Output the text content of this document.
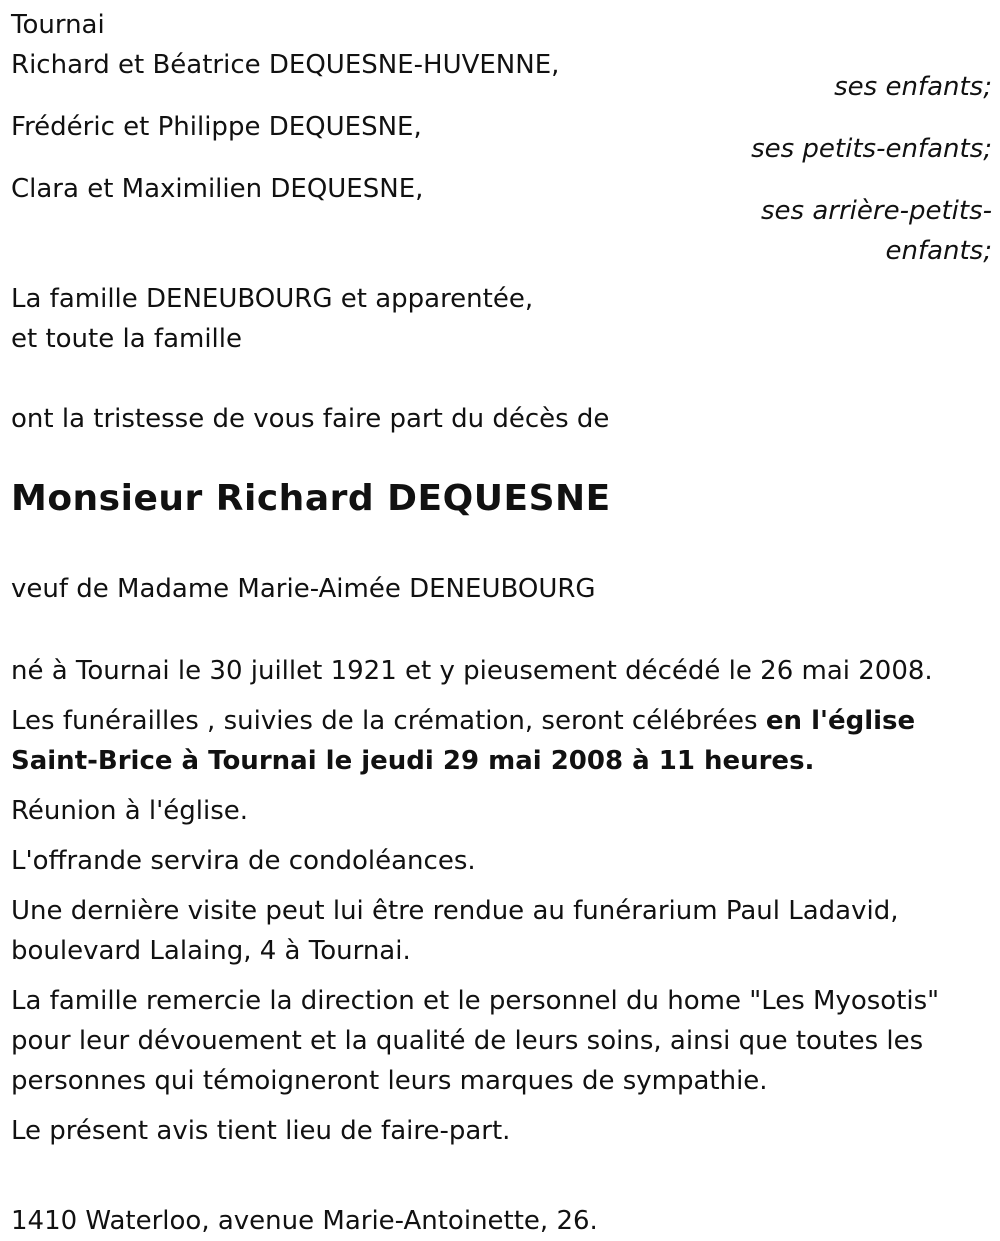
Tournai
Richard et Béatrice DEQUESNE-HUVENNE,
ses enfants;
Frédéric et Philippe DEQUESNE,
ses petits-enfants;
Clara et Maximilien DEQUESNE,
ses arrière-petits-
enfants;
La famille DENEUBOURG et apparentée,
et toute la famille
ont la tristesse de vous faire part du décès de
Monsieur Richard DEQUESNE
veuf de Madame Marie-Aimée DENEUBOURG

né à Tournai le 30 juillet 1921 et y pieusement décédé le 26 mai 2008.

Les funérailles , suivies de la crémation, seront célébrées en l'église Saint-Brice à Tournai le jeudi 29 mai 2008 à 11 heures.

Réunion à l'église.

L'offrande servira de condoléances.

Une dernière visite peut lui être rendue au funérarium Paul Ladavid, boulevard Lalaing, 4 à Tournai.

La famille remercie la direction et le personnel du home "Les Myosotis" pour leur dévouement et la qualité de leurs soins, ainsi que toutes les personnes qui témoigneront leurs marques de sympathie.

Le présent avis tient lieu de faire-part.

1410 Waterloo, avenue Marie-Antoinette, 26.
